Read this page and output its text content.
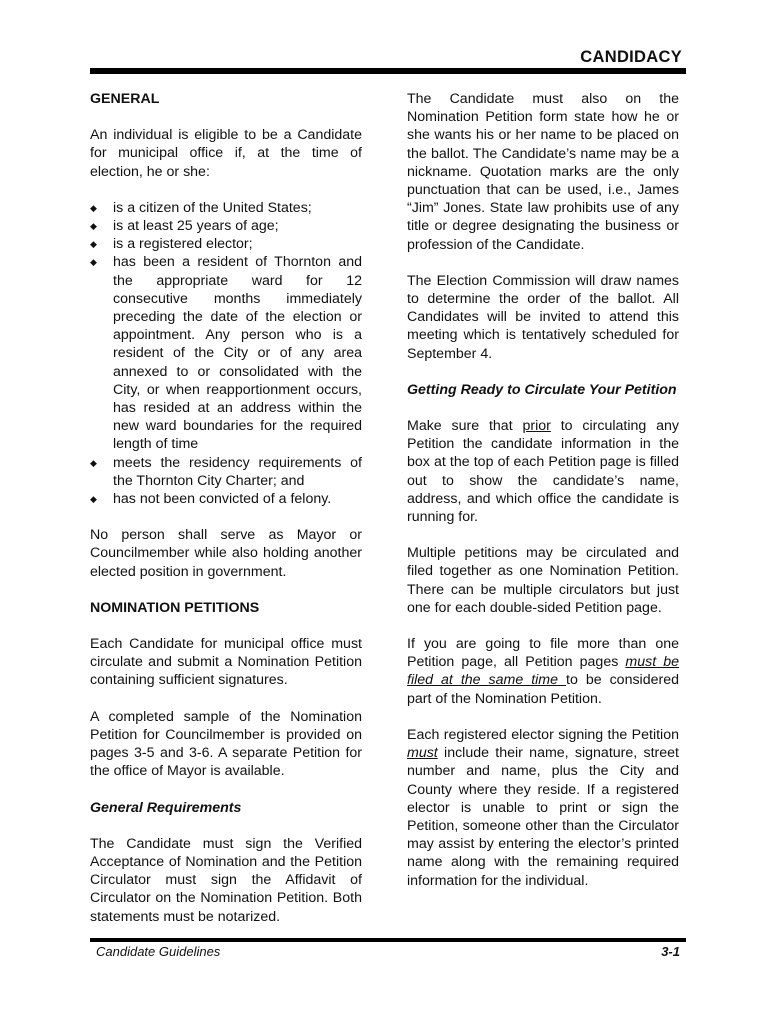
CANDIDACY
GENERAL

An individual is eligible to be a Candidate for municipal office if, at the time of election, he or she:

◆ is a citizen of the United States;
◆ is at least 25 years of age;
◆ is a registered elector;
◆ has been a resident of Thornton and the appropriate ward for 12 consecutive months immediately preceding the date of the election or appointment. Any person who is a resident of the City or of any area annexed to or consolidated with the City, or when reapportionment occurs, has resided at an address within the new ward boundaries for the required length of time
◆ meets the residency requirements of the Thornton City Charter; and
◆ has not been convicted of a felony.

No person shall serve as Mayor or Councilmember while also holding another elected position in government.

NOMINATION PETITIONS

Each Candidate for municipal office must circulate and submit a Nomination Petition containing sufficient signatures.

A completed sample of the Nomination Petition for Councilmember is provided on pages 3-5 and 3-6. A separate Petition for the office of Mayor is available.

General Requirements

The Candidate must sign the Verified Acceptance of Nomination and the Petition Circulator must sign the Affidavit of Circulator on the Nomination Petition. Both statements must be notarized.

The Candidate must also on the Nomination Petition form state how he or she wants his or her name to be placed on the ballot. The Candidate’s name may be a nickname. Quotation marks are the only punctuation that can be used, i.e., James “Jim” Jones. State law prohibits use of any title or degree designating the business or profession of the Candidate.

The Election Commission will draw names to determine the order of the ballot. All Candidates will be invited to attend this meeting which is tentatively scheduled for September 4.

Getting Ready to Circulate Your Petition

Make sure that prior to circulating any Petition the candidate information in the box at the top of each Petition page is filled out to show the candidate’s name, address, and which office the candidate is running for.

Multiple petitions may be circulated and filed together as one Nomination Petition. There can be multiple circulators but just one for each double-sided Petition page.

If you are going to file more than one Petition page, all Petition pages must be filed at the same time to be considered part of the Nomination Petition.

Each registered elector signing the Petition must include their name, signature, street number and name, plus the City and County where they reside. If a registered elector is unable to print or sign the Petition, someone other than the Circulator may assist by entering the elector’s printed name along with the remaining required information for the individual.

Candidate Guidelines	3-1
